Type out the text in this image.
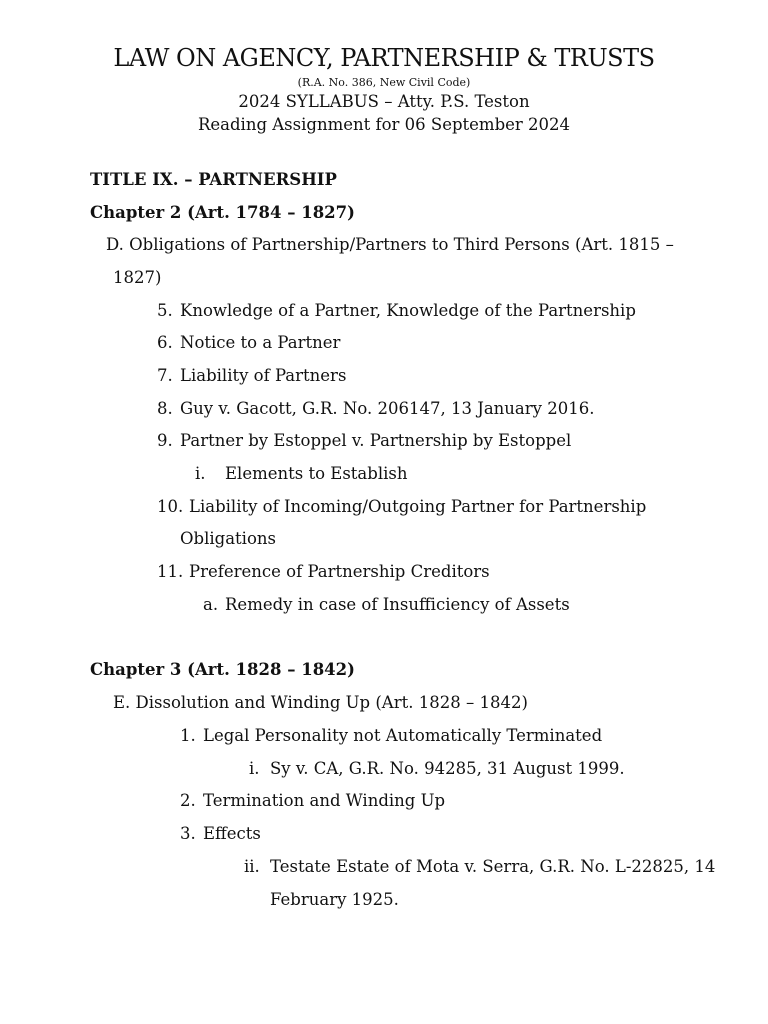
LAW ON AGENCY, PARTNERSHIP & TRUSTS
(R.A. No. 386, New Civil Code)
2024 SYLLABUS – Atty. P.S. Teston
Reading Assignment for 06 September 2024
TITLE IX. – PARTNERSHIP
Chapter 2 (Art. 1784 – 1827)
D. Obligations of Partnership/Partners to Third Persons (Art. 1815 –
1827)
5. Knowledge of a Partner, Knowledge of the Partnership
6. Notice to a Partner
7. Liability of Partners
8. Guy v. Gacott, G.R. No. 206147, 13 January 2016.
9. Partner by Estoppel v. Partnership by Estoppel
i. Elements to Establish
10. Liability of Incoming/Outgoing Partner for Partnership
Obligations
11. Preference of Partnership Creditors
a. Remedy in case of Insufficiency of Assets
Chapter 3 (Art. 1828 – 1842)
E. Dissolution and Winding Up (Art. 1828 – 1842)
1. Legal Personality not Automatically Terminated
i. Sy v. CA, G.R. No. 94285, 31 August 1999.
2. Termination and Winding Up
3. Effects
ii. Testate Estate of Mota v. Serra, G.R. No. L-22825, 14
February 1925.
